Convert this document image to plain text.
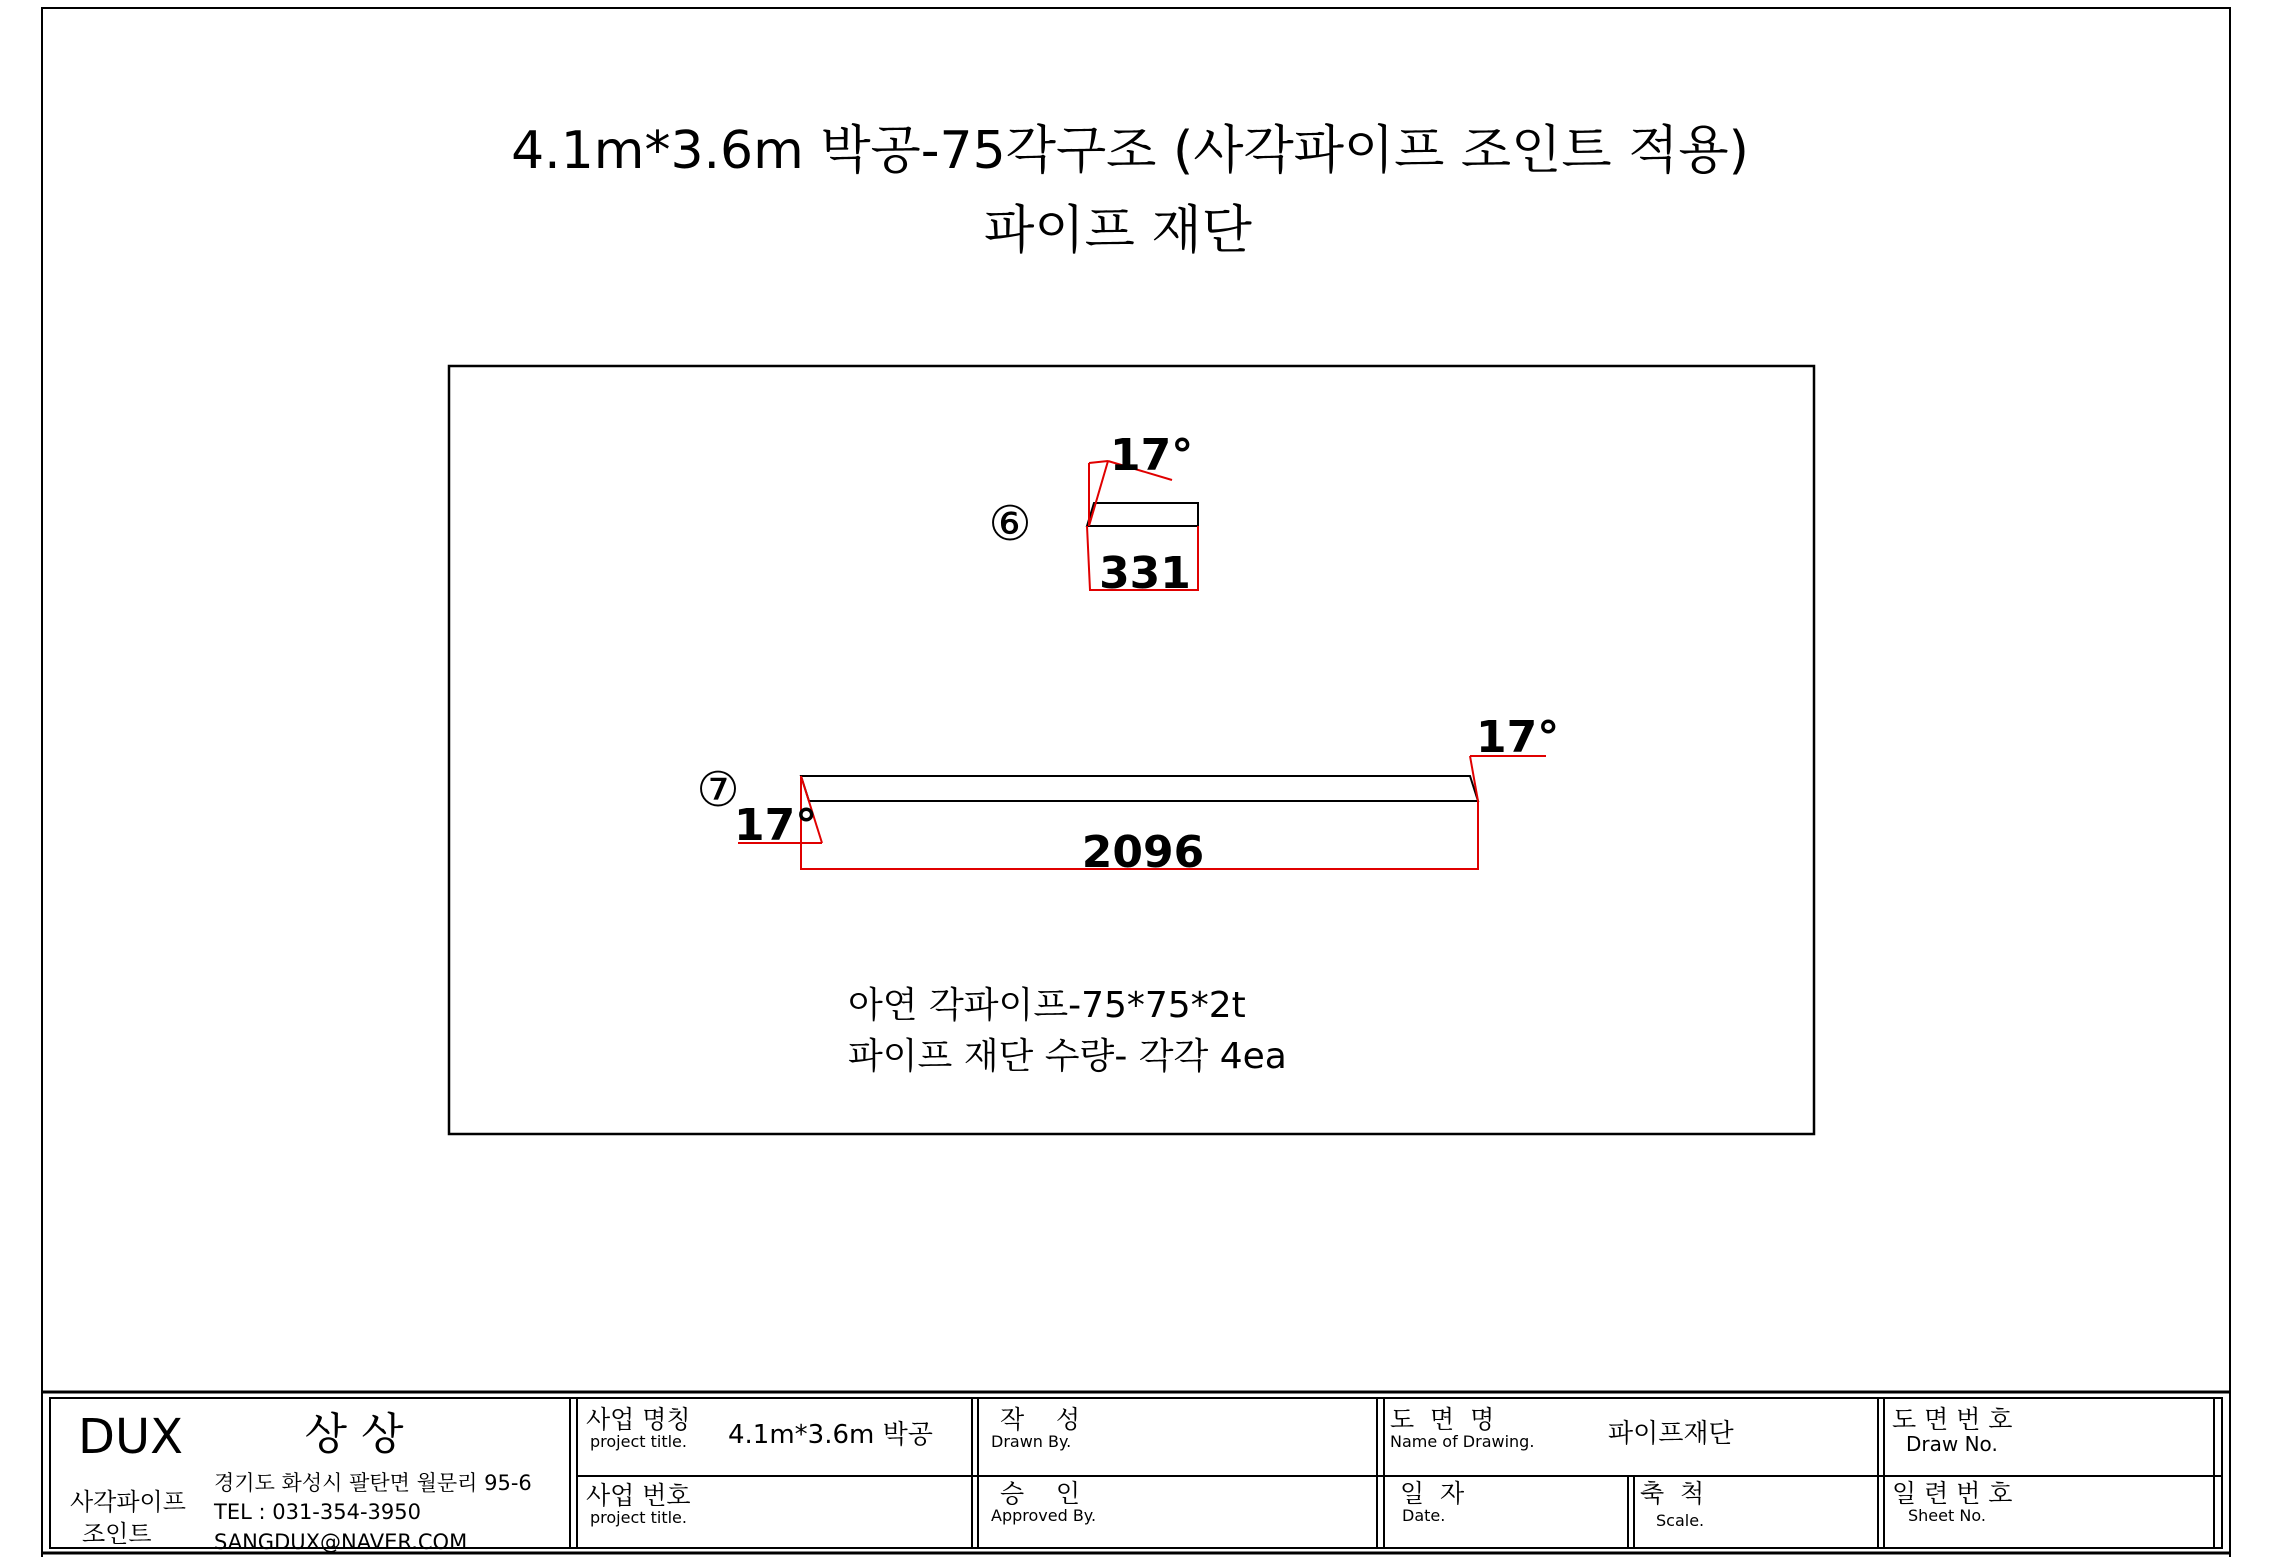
4.1m*3.6m 박공-75각구조 (사각파이프 조인트 적용)
파이프 재단
⑥
17°
331
⑦
17°
17°
2096
아연 각파이프-75*75*2t
파이프 재단 수량- 각각 4ea
DUX	상 상
사각파이프
조인트
경기도 화성시 팔탄면 월문리 95-6
TEL : 031-354-3950
SANGDUX@NAVER.COM
사업 명칭
project title. 4.1m*3.6m 박공
사업 번호
project title.
작    성
Drawn By.
승    인
Approved By.
도  면  명
Name of Drawing.	파이프재단
일  자
Date.
축  척
Scale.
도 면 번 호
Draw No.
일 련 번 호
Sheet No.
